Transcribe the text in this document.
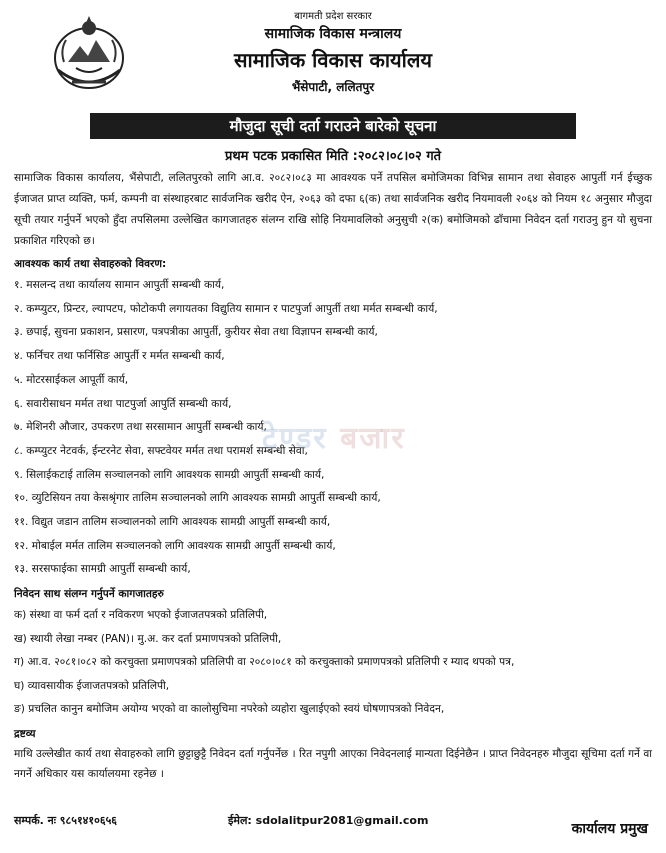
बागमती प्रदेश सरकार
सामाजिक विकास मन्त्रालय
सामाजिक विकास कार्यालय
भैंसेपाटी, ललितपुर
मौजुदा सूची दर्ता गराउने बारेको सूचना
प्रथम पटक प्रकासित मिति :२०८२।०८।०२ गते

सामाजिक विकास कार्यालय, भैंसेपाटी, ललितपुरको लागि आ.व. २०८२।०८३ मा आवश्यक पर्ने तपसिल बमोजिमका विभिन्न सामान तथा सेवाहरु आपुर्ती गर्न ईच्छुक ईजाजत प्राप्त व्यक्ति, फर्म, कम्पनी वा संस्थाहरबाट सार्वजनिक खरीद ऐन, २०६३ को दफा ६(क) तथा सार्वजनिक खरीद नियमावली २०६४ को नियम १८ अनुसार मौजुदा सूची तयार गर्नुपर्ने भएको हुँदा तपसिलमा उल्लेखित कागजातहरु संलग्न राखि सोहि नियमावलिको अनुसुची २(क) बमोजिमको ढाँचामा निवेदन दर्ता गराउनु हुन यो सुचना प्रकाशित गरिएको छ।

आवश्यक कार्य तथा सेवाहरुको विवरण:
१. मसलन्द तथा कार्यालय सामान आपुर्ती सम्बन्धी कार्य,
२. कम्प्युटर, प्रिन्टर, ल्यापटप, फोटोकपी लगायतका विद्युतिय सामान र पाटपुर्जा आपुर्ती तथा मर्मत सम्बन्धी कार्य,
३. छपाई, सुचना प्रकाशन, प्रसारण, पत्रपत्रीका आपुर्ती, कुरीयर सेवा तथा विज्ञापन सम्बन्धी कार्य,
४. फर्निचर तथा फर्निसिङ आपुर्ती र मर्मत सम्बन्धी कार्य,
५. मोटरसाईकल आपूर्ती कार्य,
६. सवारीसाधन मर्मत तथा पाटपुर्जा आपुर्ति सम्बन्धी कार्य,
७. मेशिनरी औजार, उपकरण तथा सरसामान आपुर्ती सम्बन्धी कार्य,
८. कम्प्युटर नेटवर्क, ईन्टरनेट सेवा, सफ्टवेयर मर्मत तथा परामर्श सम्बन्धी सेवा,
९. सिलाईकटाई तालिम सञ्चालनको लागि आवश्यक सामग्री आपुर्ती सम्बन्धी कार्य,
१०. व्युटिसियन तया केसश्रृंगार तालिम सञ्चालनको लागि आवश्यक सामग्री आपुर्ती सम्बन्धी कार्य,
११. विद्युत जडान तालिम सञ्चालनको लागि आवश्यक सामग्री आपुर्ती सम्बन्धी कार्य,
१२. मोबाईल मर्मत तालिम सञ्चालनको लागि आवश्यक सामग्री आपुर्ती सम्बन्धी कार्य,
१३. सरसफाईका सामग्री आपुर्ती सम्बन्धी कार्य,
निवेदन साथ संलग्न गर्नुपर्ने कागजातहरु
क) संस्था वा फर्म दर्ता र नविकरण भएको ईजाजतपत्रको प्रतिलिपी,
ख) स्थायी लेखा नम्बर (PAN)। मु.अ. कर दर्ता प्रमाणपत्रको प्रतिलिपी,
ग) आ.व. २०८१।०८२ को करचुक्ता प्रमाणपत्रको प्रतिलिपी वा २०८०।०८१ को करचुक्ताको प्रमाणपत्रको प्रतिलिपी र म्याद थपको पत्र,
घ) व्यावसायीक ईजाजतपत्रको प्रतिलिपी,
ङ) प्रचलित कानुन बमोजिम अयोग्य भएको वा कालोसुचिमा नपरेको व्यहोरा खुलाईएको स्वयं घोषणापत्रको निवेदन,
द्रष्टव्य

माथि उल्लेखीत कार्य तथा सेवाहरुको लागि छुट्टाछुट्टै निवेदन दर्ता गर्नुपर्नेछ । रित नपुगी आएका निवेदनलाई मान्यता दिईनेछैन । प्राप्त निवेदनहरु मौजुदा सूचिमा दर्ता गर्ने वा नगर्ने अधिकार यस कार्यालयमा रहनेछ ।

टेण्डर बजार
सम्पर्क. नः ९८५१४१०६५६	ईमेल: sdolalitpur2081@gmail.com
कार्यालय प्रमुख
